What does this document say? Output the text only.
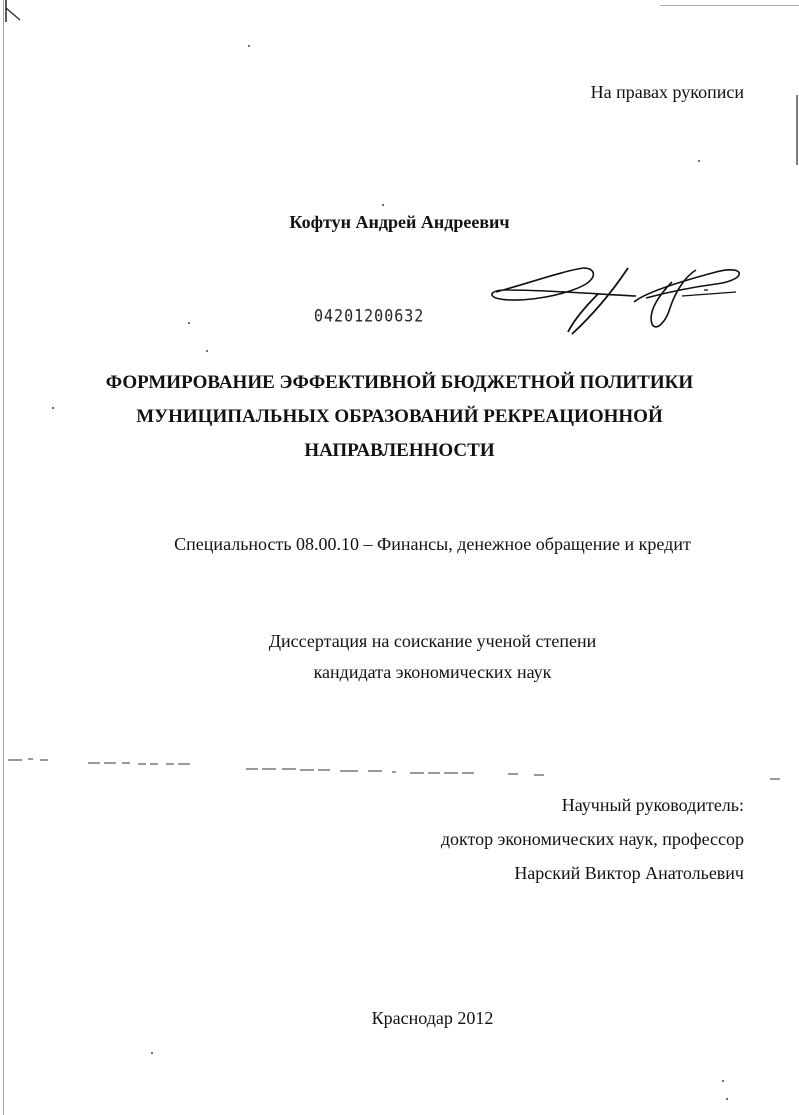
На правах рукописи
Кофтун Андрей Андреевич
04201200632
ФОРМИРОВАНИЕ ЭФФЕКТИВНОЙ БЮДЖЕТНОЙ ПОЛИТИКИ
МУНИЦИПАЛЬНЫХ ОБРАЗОВАНИЙ РЕКРЕАЦИОННОЙ
НАПРАВЛЕННОСТИ
Специальность 08.00.10 – Финансы, денежное обращение и кредит
Диссертация на соискание ученой степени
кандидата экономических наук
Научный руководитель:
доктор экономических наук, профессор
Нарский Виктор Анатольевич
Краснодар 2012
